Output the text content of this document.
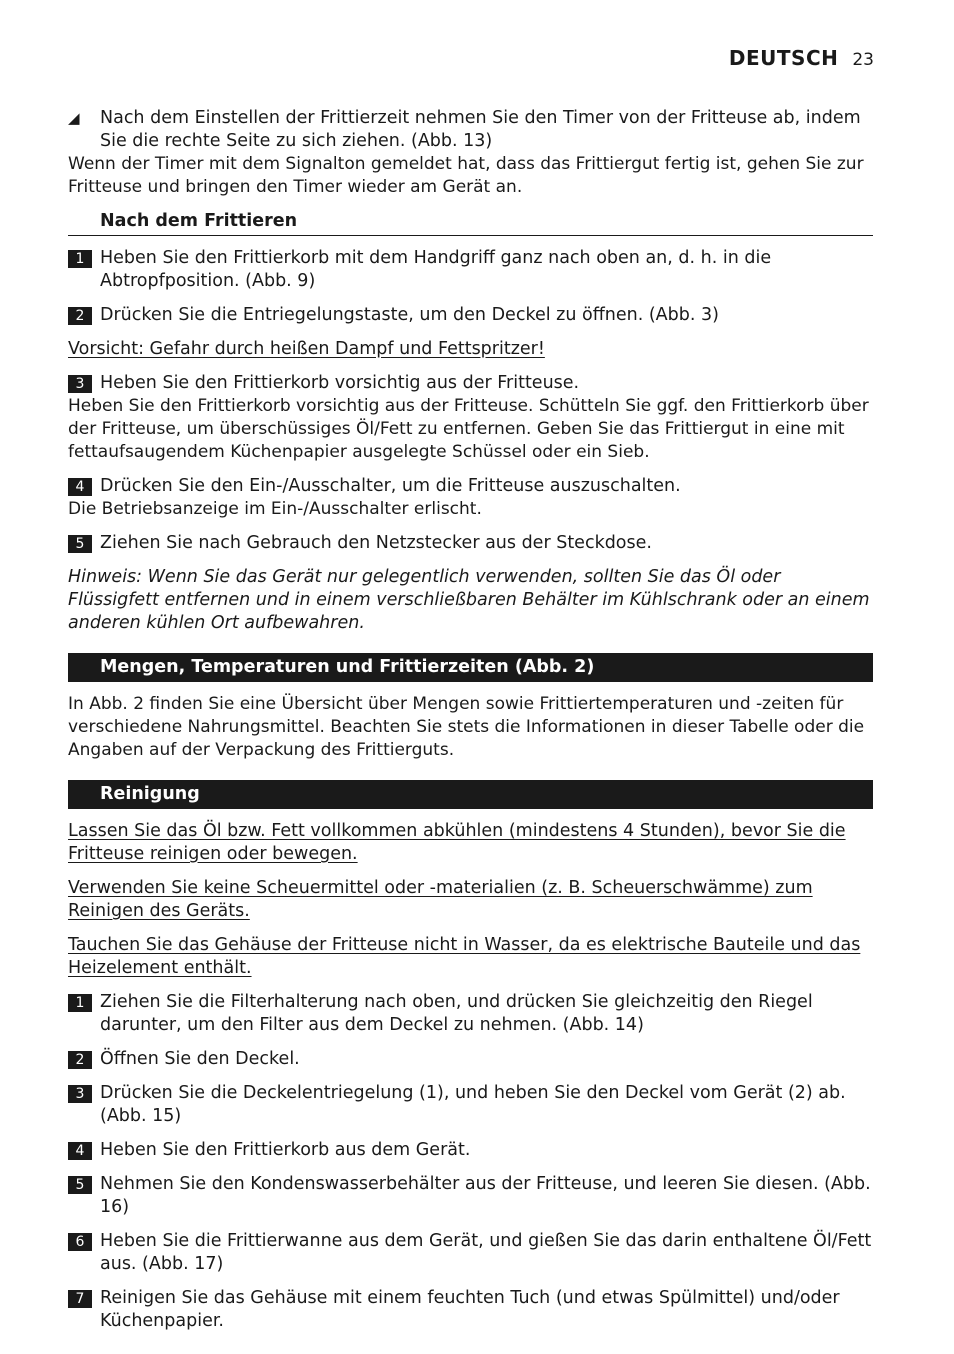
DEUTSCH 23
◢ Nach dem Einstellen der Frittierzeit nehmen Sie den Timer von der Fritteuse ab, indem Sie die rechte Seite zu sich ziehen. (Abb. 13)

Wenn der Timer mit dem Signalton gemeldet hat, dass das Frittiergut fertig ist, gehen Sie zur Fritteuse und bringen den Timer wieder am Gerät an.

Nach dem Frittieren
1 Heben Sie den Frittierkorb mit dem Handgriff ganz nach oben an, d. h. in die Abtropfposition. (Abb. 9)

2 Drücken Sie die Entriegelungstaste, um den Deckel zu öffnen. (Abb. 3)

Vorsicht: Gefahr durch heißen Dampf und Fettspritzer!

3 Heben Sie den Frittierkorb vorsichtig aus der Fritteuse.

Heben Sie den Frittierkorb vorsichtig aus der Fritteuse. Schütteln Sie ggf. den Frittierkorb über der Fritteuse, um überschüssiges Öl/Fett zu entfernen. Geben Sie das Frittiergut in eine mit fettaufsaugendem Küchenpapier ausgelegte Schüssel oder ein Sieb.

4 Drücken Sie den Ein-/Ausschalter, um die Fritteuse auszuschalten.

Die Betriebsanzeige im Ein-/Ausschalter erlischt.

5 Ziehen Sie nach Gebrauch den Netzstecker aus der Steckdose.

Hinweis: Wenn Sie das Gerät nur gelegentlich verwenden, sollten Sie das Öl oder Flüssigfett entfernen und in einem verschließbaren Behälter im Kühlschrank oder an einem anderen kühlen Ort aufbewahren.

Mengen, Temperaturen und Frittierzeiten (Abb. 2)

In Abb. 2 finden Sie eine Übersicht über Mengen sowie Frittiertemperaturen und -zeiten für verschiedene Nahrungsmittel. Beachten Sie stets die Informationen in dieser Tabelle oder die Angaben auf der Verpackung des Frittierguts.

Reinigung

Lassen Sie das Öl bzw. Fett vollkommen abkühlen (mindestens 4 Stunden), bevor Sie die Fritteuse reinigen oder bewegen.

Verwenden Sie keine Scheuermittel oder -materialien (z. B. Scheuerschwämme) zum Reinigen des Geräts.

Tauchen Sie das Gehäuse der Fritteuse nicht in Wasser, da es elektrische Bauteile und das Heizelement enthält.

1 Ziehen Sie die Filterhalterung nach oben, und drücken Sie gleichzeitig den Riegel darunter, um den Filter aus dem Deckel zu nehmen. (Abb. 14)

2 Öffnen Sie den Deckel.

3 Drücken Sie die Deckelentriegelung (1), und heben Sie den Deckel vom Gerät (2) ab. (Abb. 15)

4 Heben Sie den Frittierkorb aus dem Gerät.

5 Nehmen Sie den Kondenswasserbehälter aus der Fritteuse, und leeren Sie diesen. (Abb. 16)

6 Heben Sie die Frittierwanne aus dem Gerät, und gießen Sie das darin enthaltene Öl/Fett aus. (Abb. 17)

7 Reinigen Sie das Gehäuse mit einem feuchten Tuch (und etwas Spülmittel) und/oder Küchenpapier.
